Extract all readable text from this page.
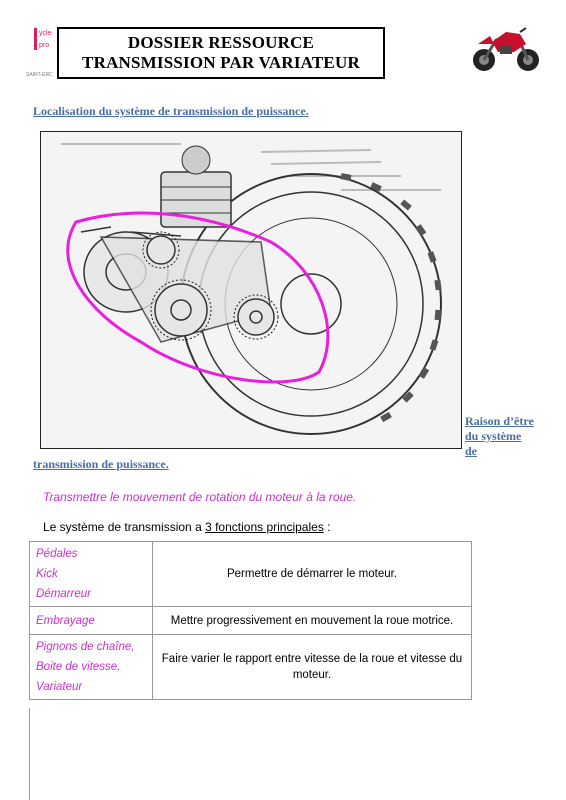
ycle
pro
SAINT-ERC
DOSSIER RESSOURCE
TRANSMISSION PAR VARIATEUR
Localisation du système de transmission de puissance.
Raison d’être du système de
transmission de puissance.
Transmettre le mouvement de rotation du moteur à la roue.
Le système de transmission a 3 fonctions principales :
Pédales
Kick
Démarreur	Permettre de démarrer le moteur.

Embrayage	Mettre progressivement en mouvement la roue motrice.

Pignons de chaîne,
Boite de vitesse,
Variateur	Faire varier le rapport entre vitesse de la roue et vitesse du moteur.
